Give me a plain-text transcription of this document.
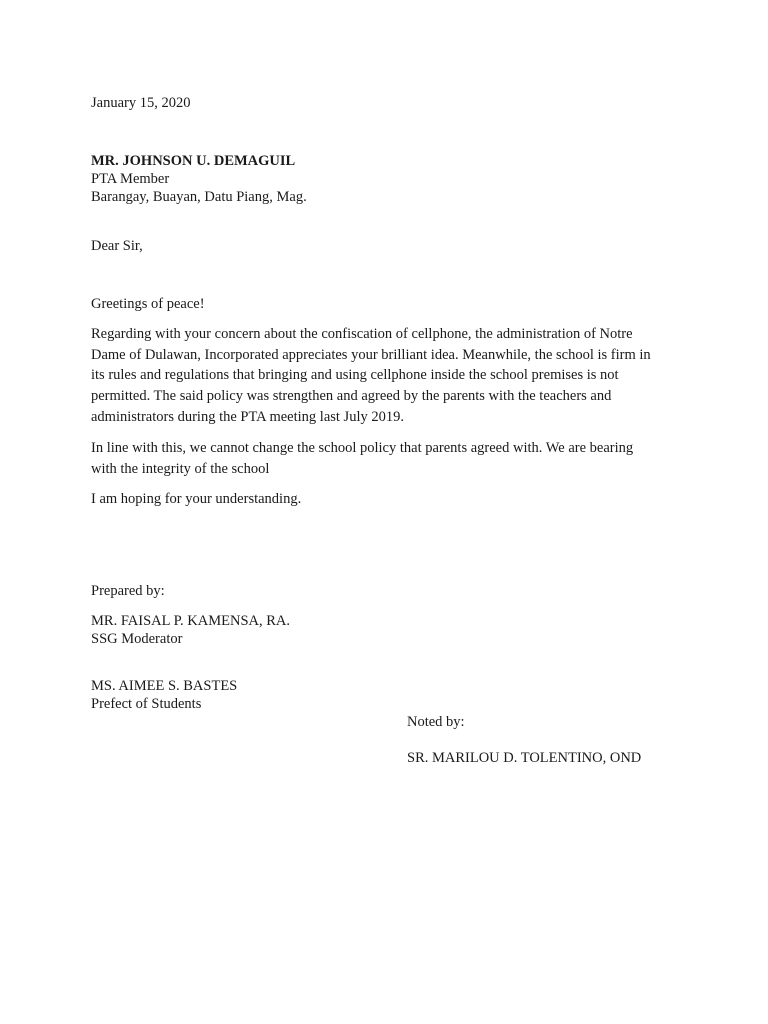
January 15, 2020
MR. JOHNSON U. DEMAGUIL
PTA Member
Barangay, Buayan, Datu Piang, Mag.
Dear Sir,
Greetings of peace!
Regarding with your concern about the confiscation of cellphone, the administration of Notre
Dame of Dulawan, Incorporated appreciates your brilliant idea. Meanwhile, the school is firm in
its rules and regulations that bringing and using cellphone inside the school premises is not
permitted. The said policy was strengthen and agreed by the parents with the teachers and
administrators during the PTA meeting last July 2019.
In line with this, we cannot change the school policy that parents agreed with. We are bearing
with the integrity of the school
I am hoping for your understanding.
Prepared by:
MR. FAISAL P. KAMENSA, RA.
SSG Moderator
MS. AIMEE S. BASTES
Prefect of Students
Noted by:
SR. MARILOU D. TOLENTINO, OND
